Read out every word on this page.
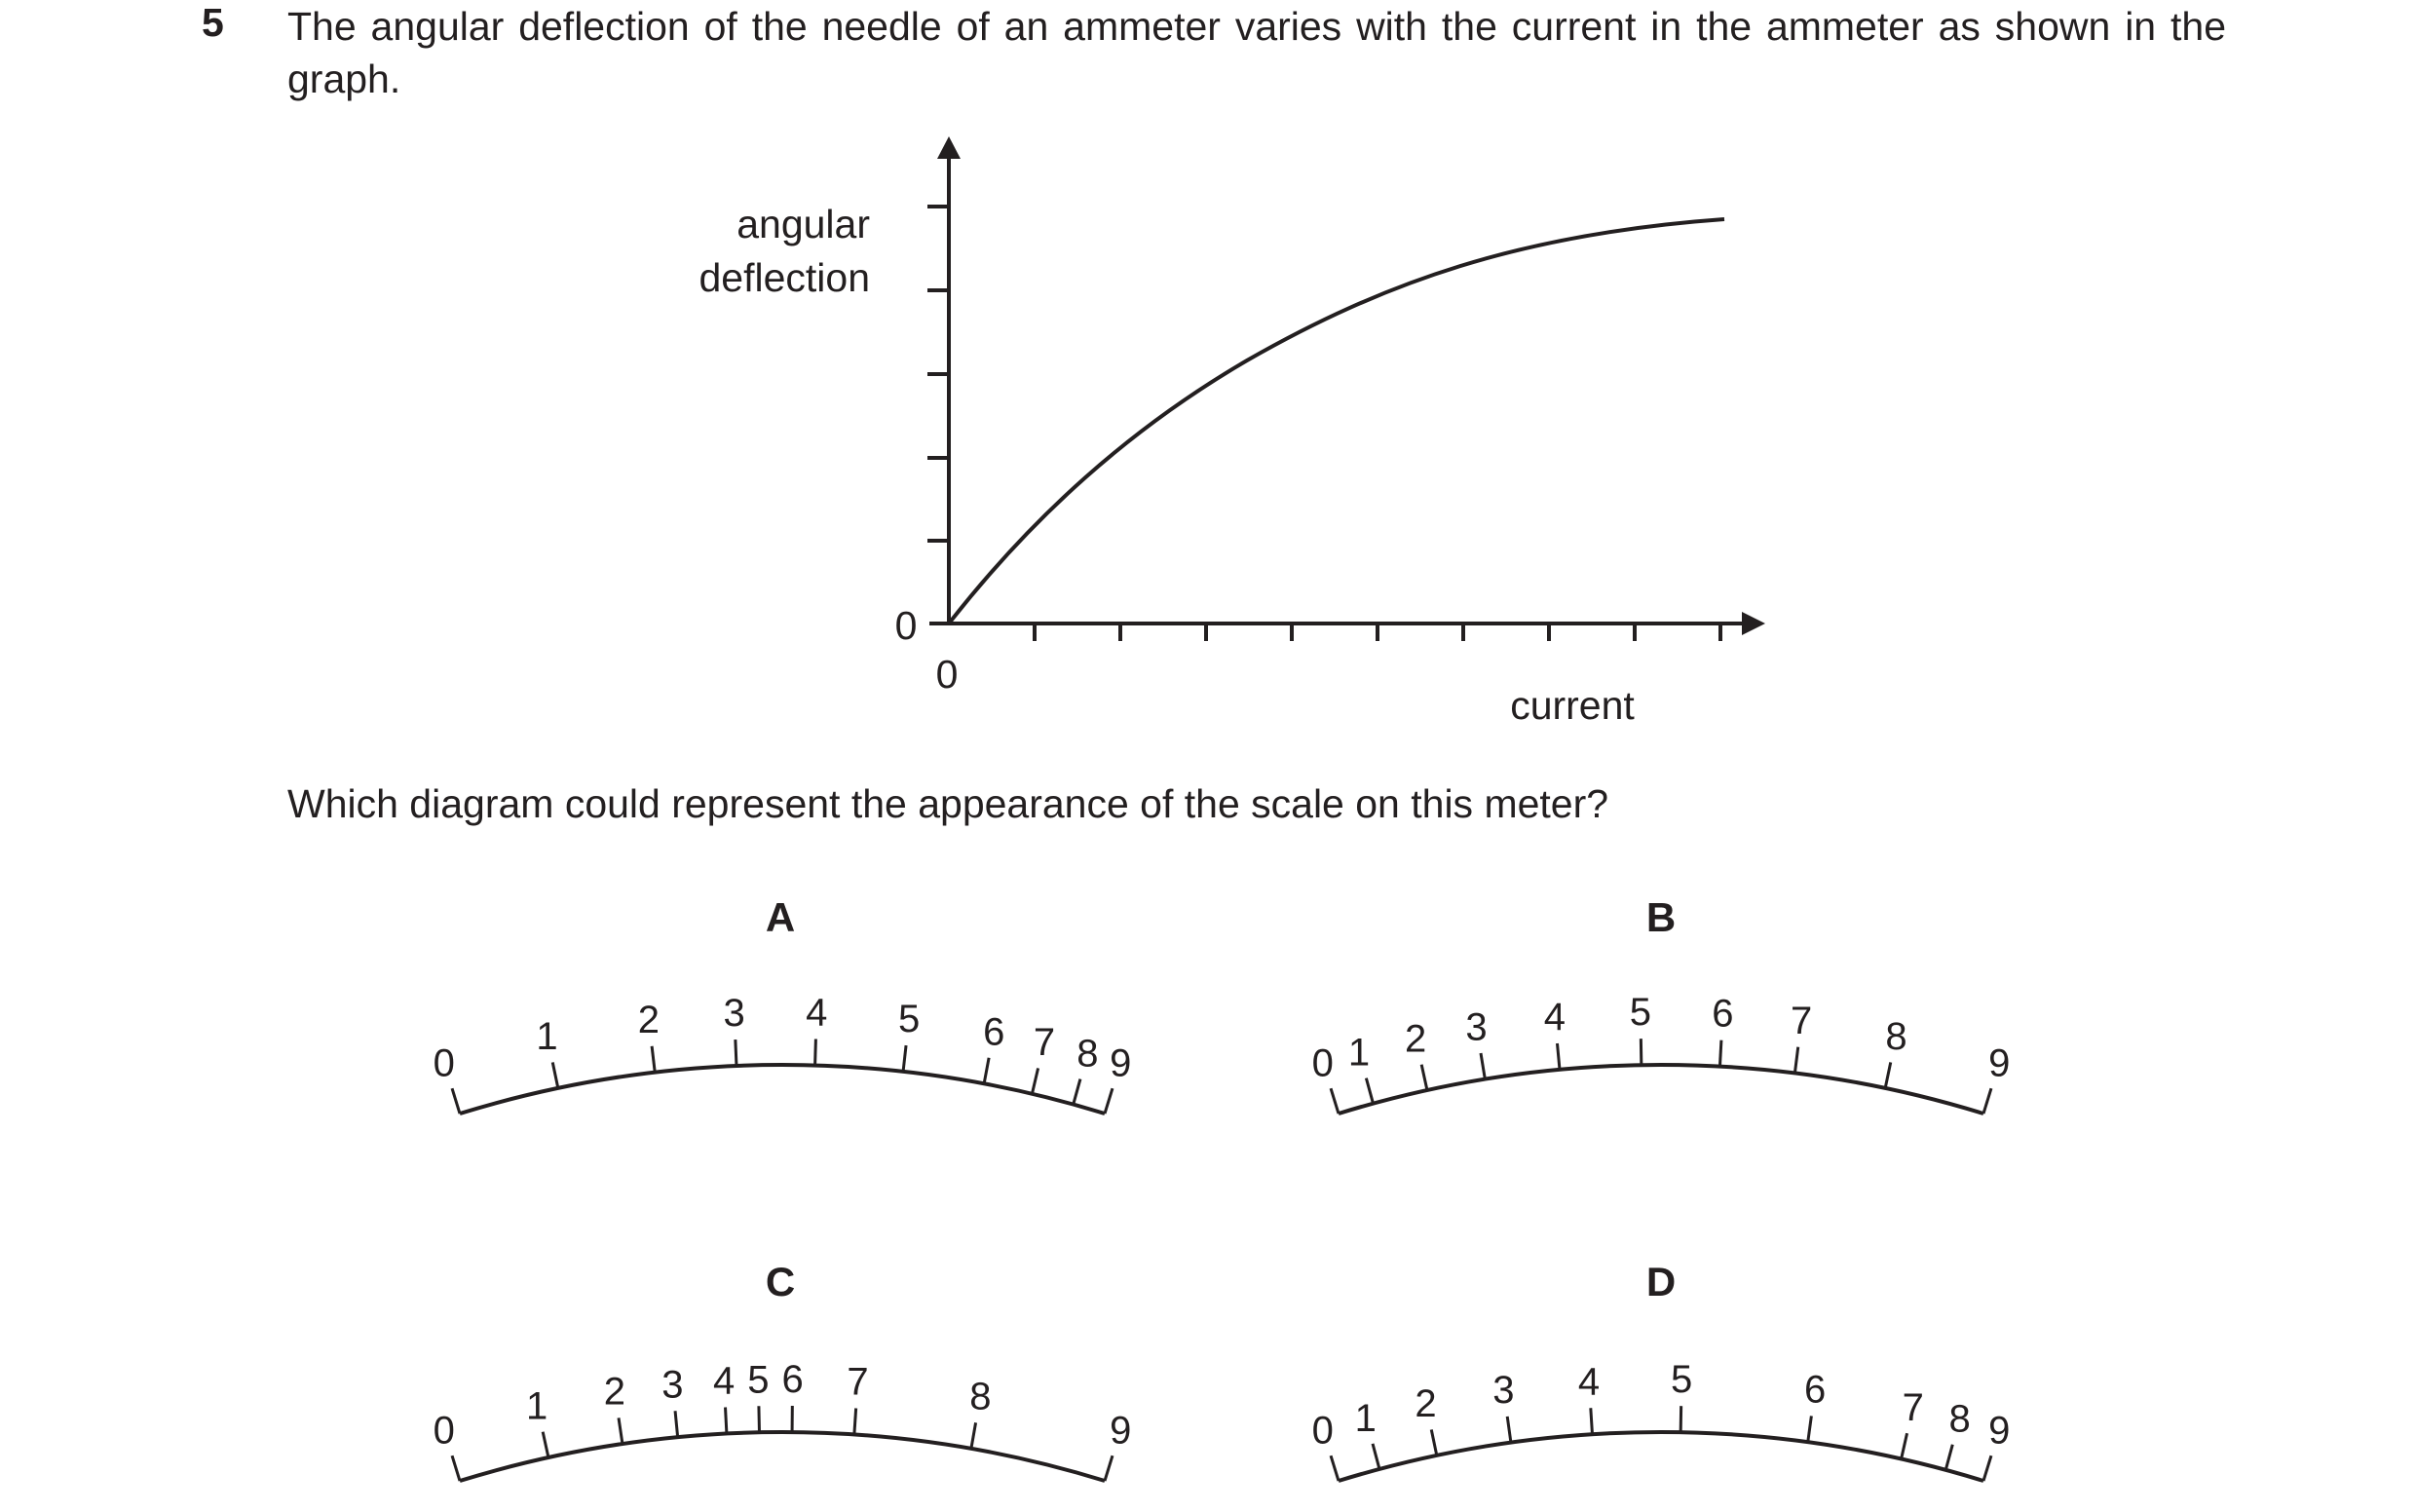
5 The angular deflection of the needle of an ammeter varies with the current in the ammeter as shown in the graph.
Which diagram could represent the appearance of the scale on this meter?
angular
deflection
0
0
current
A
0
1 2 3 4 5 6 7 8 9
B
0 1 2 3 4 5 6 7 8
9
C
0
1 2 3 4 5 6 7	8
9
D
0 1 2 3 4 5	6 7 8 9
